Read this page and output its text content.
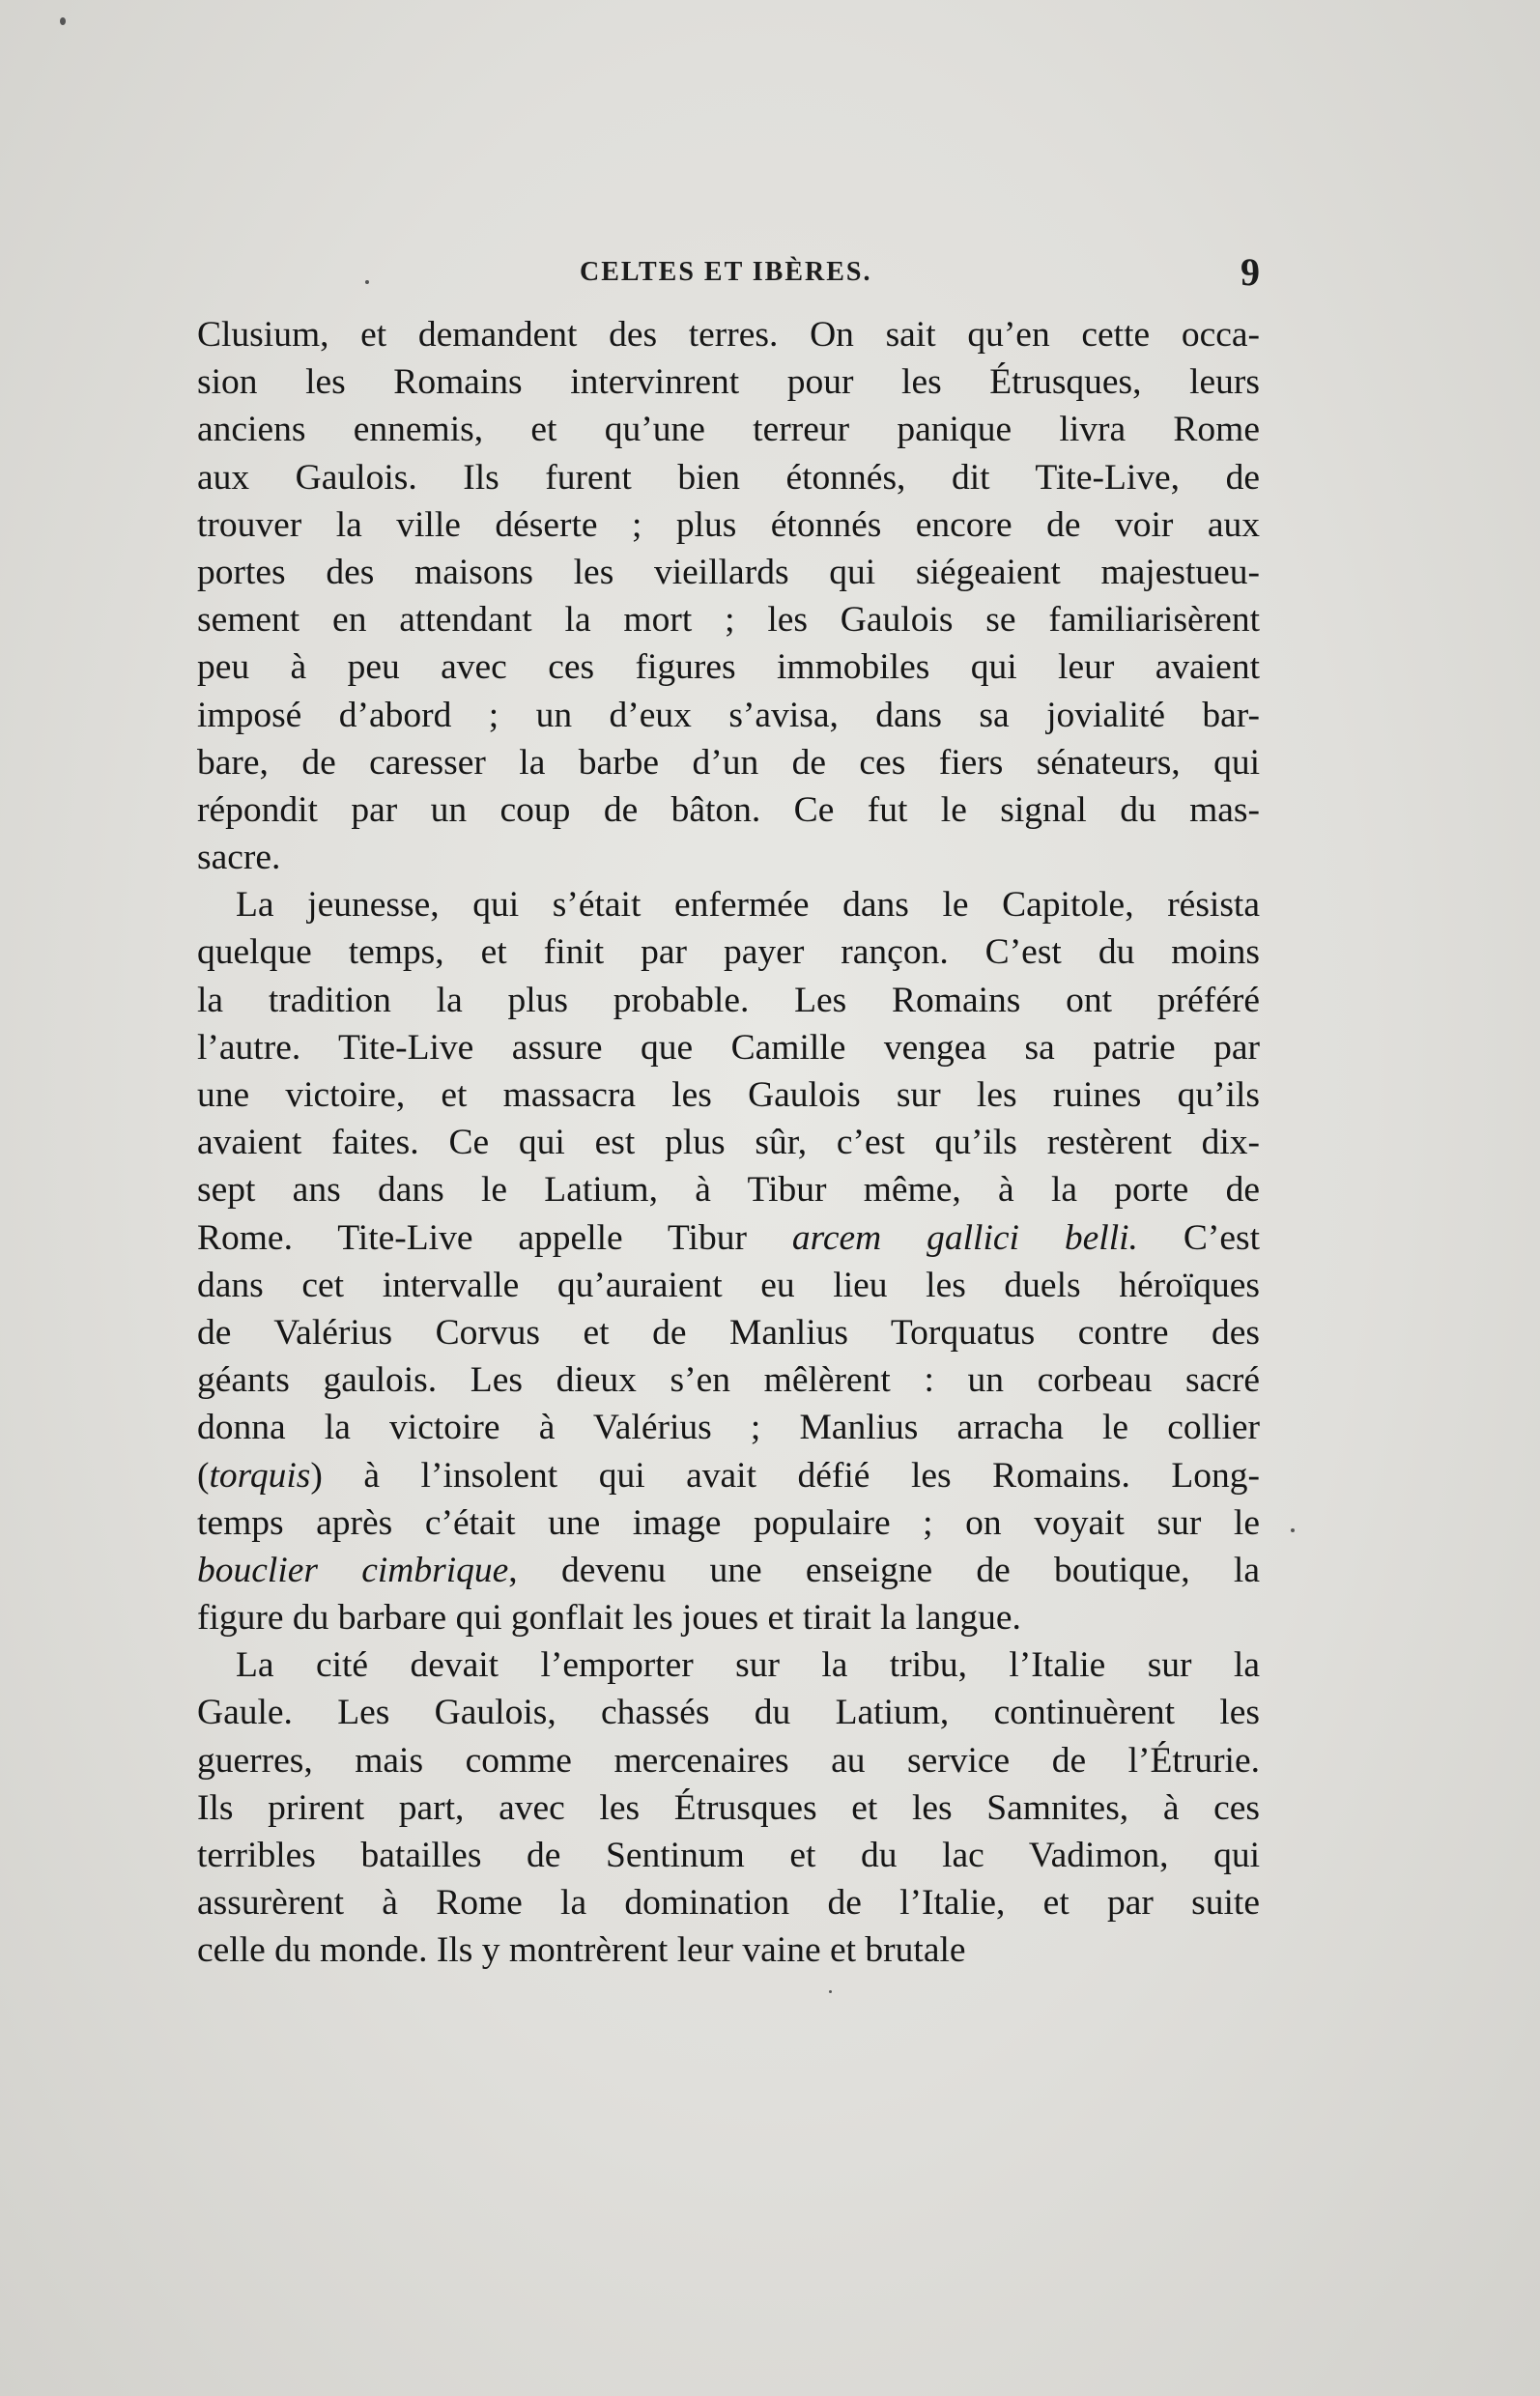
CELTES ET IBÈRES.	9
Clusium, et demandent des terres. On sait qu’en cette occa-
sion les Romains intervinrent pour les Étrusques, leurs
anciens ennemis, et qu’une terreur panique livra Rome
aux Gaulois. Ils furent bien étonnés, dit Tite-Live, de
trouver la ville déserte ; plus étonnés encore de voir aux
portes des maisons les vieillards qui siégeaient majestueu-
sement en attendant la mort ; les Gaulois se familiarisèrent
peu à peu avec ces figures immobiles qui leur avaient
imposé d’abord ; un d’eux s’avisa, dans sa jovialité bar-
bare, de caresser la barbe d’un de ces fiers sénateurs, qui
répondit par un coup de bâton. Ce fut le signal du mas-
sacre.
La jeunesse, qui s’était enfermée dans le Capitole, résista
quelque temps, et finit par payer rançon. C’est du moins
la tradition la plus probable. Les Romains ont préféré
l’autre. Tite-Live assure que Camille vengea sa patrie par
une victoire, et massacra les Gaulois sur les ruines qu’ils
avaient faites. Ce qui est plus sûr, c’est qu’ils restèrent dix-
sept ans dans le Latium, à Tibur même, à la porte de
Rome. Tite-Live appelle Tibur arcem gallici belli. C’est
dans cet intervalle qu’auraient eu lieu les duels héroïques
de Valérius Corvus et de Manlius Torquatus contre des
géants gaulois. Les dieux s’en mêlèrent : un corbeau sacré
donna la victoire à Valérius ; Manlius arracha le collier
(torquis) à l’insolent qui avait défié les Romains. Long-
temps après c’était une image populaire ; on voyait sur le
bouclier cimbrique, devenu une enseigne de boutique, la
figure du barbare qui gonflait les joues et tirait la langue.
La cité devait l’emporter sur la tribu, l’Italie sur la
Gaule. Les Gaulois, chassés du Latium, continuèrent les
guerres, mais comme mercenaires au service de l’Étrurie.
Ils prirent part, avec les Étrusques et les Samnites, à ces
terribles batailles de Sentinum et du lac Vadimon, qui
assurèrent à Rome la domination de l’Italie, et par suite
celle du monde. Ils y montrèrent leur vaine et brutale
